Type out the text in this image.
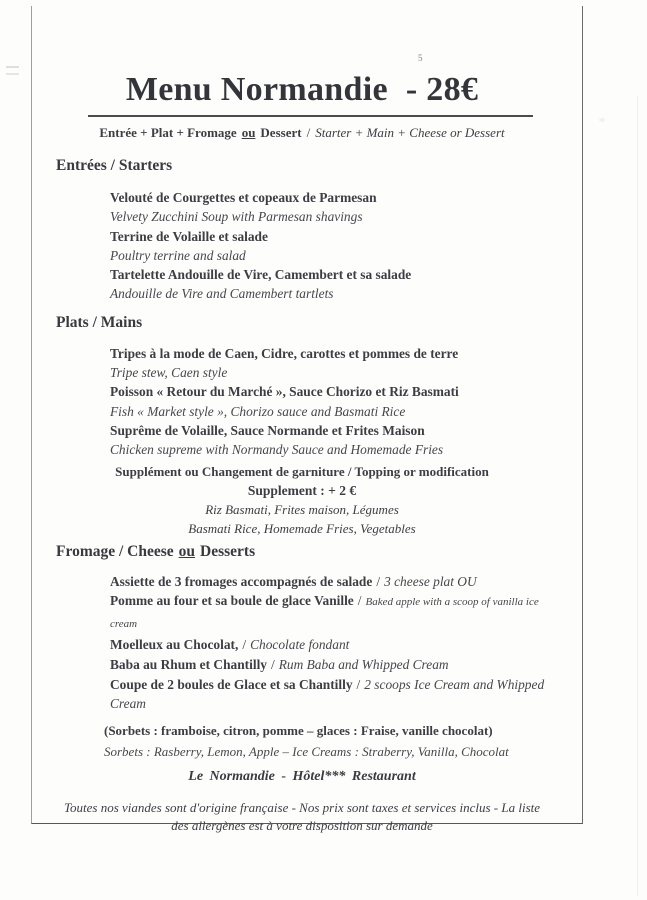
5
Menu Normandie - 28€
Entrée + Plat + Fromage ou Dessert / Starter + Main + Cheese or Dessert
Entrées / Starters
Velouté de Courgettes et copeaux de Parmesan
Velvety Zucchini Soup with Parmesan shavings
Terrine de Volaille et salade
Poultry terrine and salad
Tartelette Andouille de Vire, Camembert et sa salade
Andouille de Vire and Camembert tartlets
Plats / Mains
Tripes à la mode de Caen, Cidre, carottes et pommes de terre
Tripe stew, Caen style
Poisson « Retour du Marché », Sauce Chorizo et Riz Basmati
Fish « Market style », Chorizo sauce and Basmati Rice
Suprême de Volaille, Sauce Normande et Frites Maison
Chicken supreme with Normandy Sauce and Homemade Fries
Supplément ou Changement de garniture / Topping or modification
Supplement : + 2 €
Riz Basmati, Frites maison, Légumes
Basmati Rice, Homemade Fries, Vegetables
Fromage / Cheese ou Desserts
Assiette de 3 fromages accompagnés de salade / 3 cheese plat OU
Pomme au four et sa boule de glace Vanille / Baked apple with a scoop of vanilla ice cream
Moelleux au Chocolat, / Chocolate fondant
Baba au Rhum et Chantilly / Rum Baba and Whipped Cream
Coupe de 2 boules de Glace et sa Chantilly / 2 scoops Ice Cream and Whipped Cream
(Sorbets : framboise, citron, pomme – glaces : Fraise, vanille chocolat)
Sorbets : Rasberry, Lemon, Apple – Ice Creams : Straberry, Vanilla, Chocolat
Le Normandie - Hôtel*** Restaurant
Toutes nos viandes sont d'origine française - Nos prix sont taxes et services inclus - La liste
des allergènes est à votre disposition sur demande
